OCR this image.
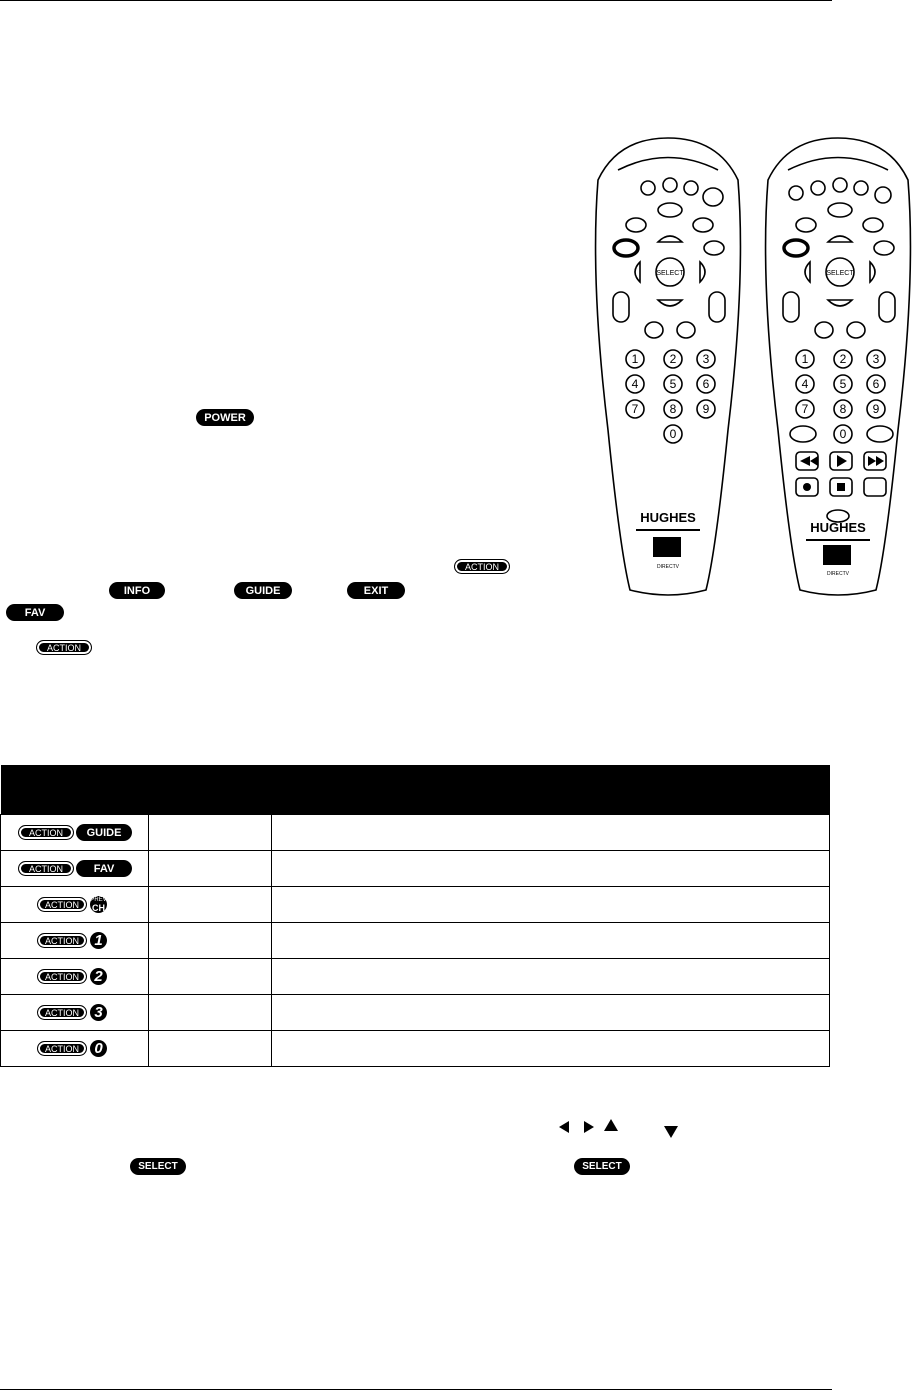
SELECT
1	2 3
4	5 6
7	8 9
0
HUGHES
DIRECTV
SELECT
1	2 3
4	5 6
7	8 9
0
HUGHES
DIRECTV
POWER
ACTION
INFO	GUIDE	EXIT
FAV
ACTION

ACTION GUIDE		

ACTION FAV		

ACTION PREV
CH		

ACTION 1		

ACTION 2		

ACTION 3		

ACTION 0		

SELECT	SELECT
